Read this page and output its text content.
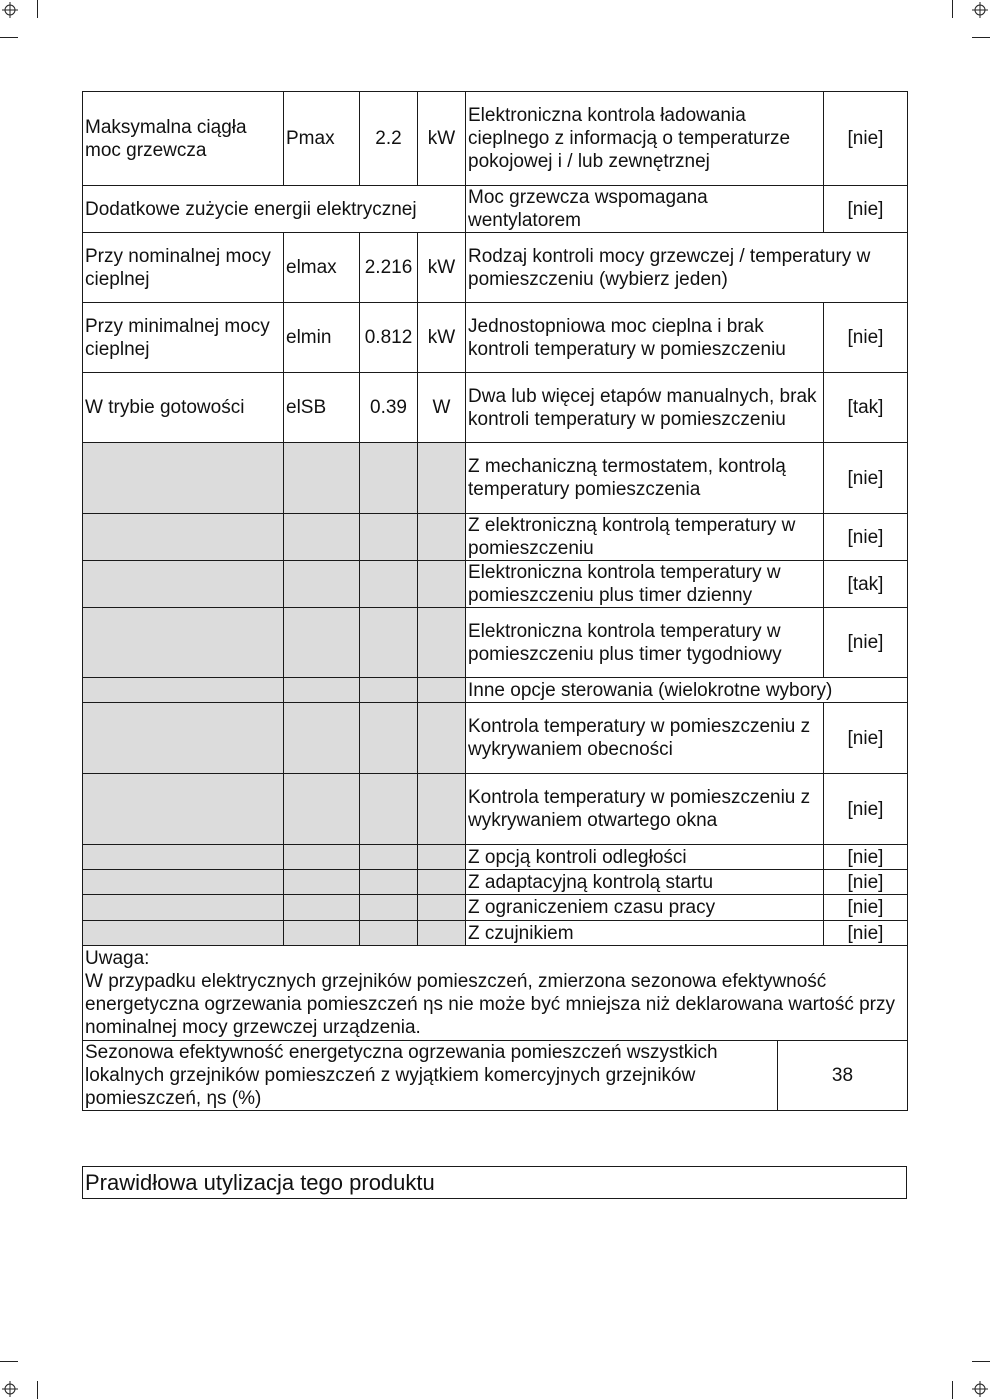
Maksymalna ciągła moc grzewcza	Pmax	2.2	kW	Elektroniczna kontrola ładowania cieplnego z informacją o temperaturze pokojowej i / lub zewnętrznej	[nie]
Dodatkowe zużycie energii elektrycznej				Moc grzewcza wspomagana wentylatorem	[nie]
Przy nominalnej mocy cieplnej	elmax	2.216	kW	Rodzaj kontroli mocy grzewczej / temperatury w pomieszczeniu (wybierz jeden)	
Przy minimalnej mocy cieplnej	elmin	0.812	kW	Jednostopniowa moc cieplna i brak kontroli temperatury w pomieszczeniu	[nie]
W trybie gotowości	elSB	0.39	W	Dwa lub więcej etapów manualnych, brak kontroli temperatury w pomieszczeniu	[tak]
				Z mechaniczną termostatem, kontrolą temperatury pomieszczenia	[nie]
				Z elektroniczną kontrolą temperatury w pomieszczeniu	[nie]
				Elektroniczna kontrola temperatury w pomieszczeniu plus timer dzienny	[tak]
				Elektroniczna kontrola temperatury w pomieszczeniu plus timer tygodniowy	[nie]
				Inne opcje sterowania (wielokrotne wybory)	
				Kontrola temperatury w pomieszczeniu z wykrywaniem obecności	[nie]
				Kontrola temperatury w pomieszczeniu z wykrywaniem otwartego okna	[nie]
				Z opcją kontroli odległości	[nie]
				Z adaptacyjną kontrolą startu	[nie]
				Z ograniczeniem czasu pracy	[nie]
				Z czujnikiem	[nie]

Uwaga:
W przypadku elektrycznych grzejników pomieszczeń, zmierzona sezonowa efektywność energetyczna ogrzewania pomieszczeń ηs nie może być mniejsza niż deklarowana wartość przy nominalnej mocy grzewczej urządzenia.					
Sezonowa efektywność energetyczna ogrzewania pomieszczeń wszystkich lokalnych grzejników pomieszczeń z wyjątkiem komercyjnych grzejników pomieszczeń, ηs (%)	38
Prawidłowa utylizacja tego produktu
